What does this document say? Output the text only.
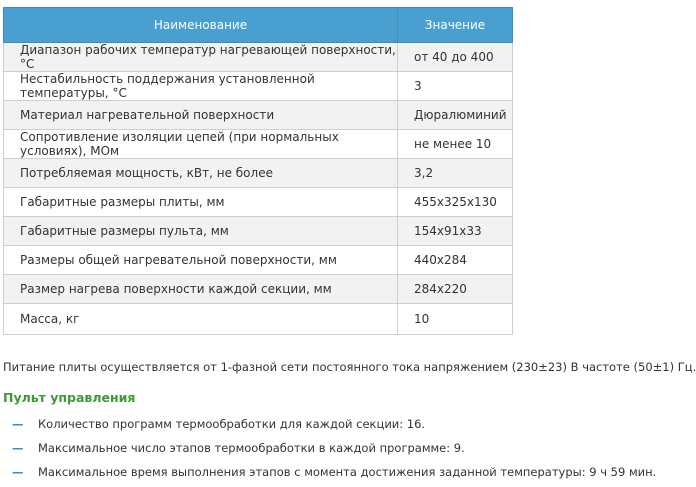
Наименование	Значение
Диапазон рабочих температур нагревающей поверхности, °C	от 40 до 400
Нестабильность поддержания установленной температуры, °C	3
Материал нагревательной поверхности	Дюралюминий
Сопротивление изоляции цепей (при нормальных условиях), МОм	не менее 10
Потребляемая мощность, кВт, не более	3,2
Габаритные размеры плиты, мм	455х325х130
Габаритные размеры пульта, мм	154х91х33
Размеры общей нагревательной поверхности, мм	440х284
Размер нагрева поверхности каждой секции, мм	284х220
Масса, кг	10
Питание плиты осуществляется от 1-фазной сети постоянного тока напряжением (230±23) В частоте (50±1) Гц.
Пульт управления
— Количество программ термообработки для каждой секции: 16.
— Максимальное число этапов термообработки в каждой программе: 9.
— Максимальное время выполнения этапов с момента достижения заданной температуры: 9 ч 59 мин.
